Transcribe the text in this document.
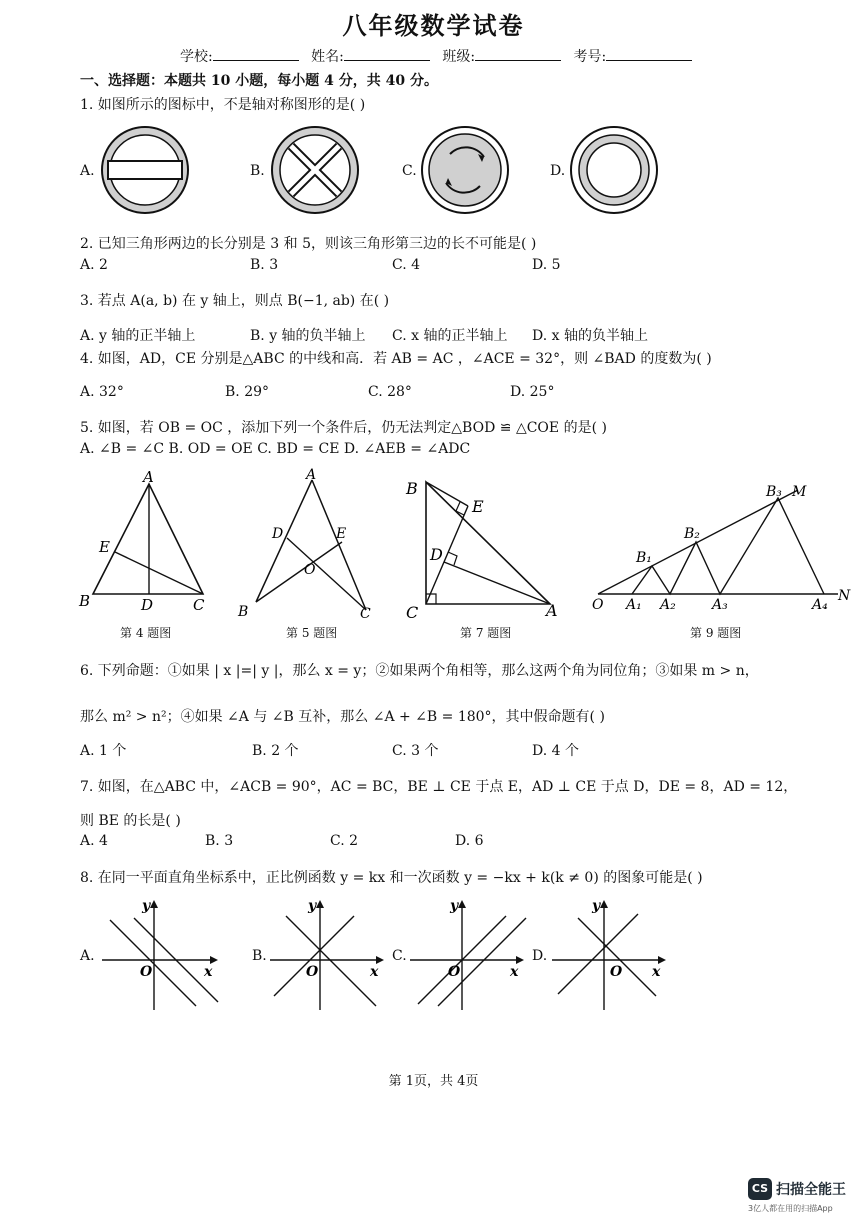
八年级数学试卷
学校:	姓名:	班级:	考号:
一、选择题：本题共 10 小题，每小题 4 分，共 40 分。
1. 如图所示的图标中，不是轴对称图形的是( )
A.	B.	C.	D.
2. 已知三角形两边的长分别是 3 和 5，则该三角形第三边的长不可能是( )
A. 2	B. 3	C. 4	D. 5
3. 若点 A(a, b) 在 y 轴上，则点 B(−1, ab) 在( )
A. y 轴的正半轴上	B. y 轴的负半轴上 C. x 轴的正半轴上 D. x 轴的负半轴上
4. 如图，AD，CE 分别是△ABC 的中线和高．若 AB = AC ，∠ACE = 32°，则 ∠BAD 的度数为( )
A. 32°	B. 29°	C. 28°	D. 25°
5. 如图，若 OB = OC ，添加下列一个条件后，仍无法判定△BOD ≌ △COE 的是( )
A. ∠B = ∠C B. OD = OE C. BD = CE D. ∠AEB = ∠ADC
A
E
B	D	C
第 4 题图
A
D	E
O
B	C
第 5 题图
B
E
D
C	A
第 7 题图
B₃ M
B₂
B₁
O A₁ A₂	A₃	A₄
N
第 9 题图
6. 下列命题：①如果 | x |=| y |，那么 x = y；②如果两个角相等，那么这两个角为同位角；③如果 m > n，
那么 m² > n²；④如果 ∠A 与 ∠B 互补，那么 ∠A + ∠B = 180°，其中假命题有( )
A. 1 个	B. 2 个	C. 3 个	D. 4 个
7. 如图，在△ABC 中，∠ACB = 90°，AC = BC，BE ⊥ CE 于点 E，AD ⊥ CE 于点 D，DE = 8，AD = 12，
则 BE 的长是( )
A. 4	B. 3	C. 2	D. 6
8. 在同一平面直角坐标系中，正比例函数 y = kx 和一次函数 y = −kx + k(k ≠ 0) 的图象可能是( )
A.	B.	C.	D.
y
x
O
y
x
O
y
x
O
y
x
O
第 1页，共 4页
CS 扫描全能王
3亿人都在用的扫描App
